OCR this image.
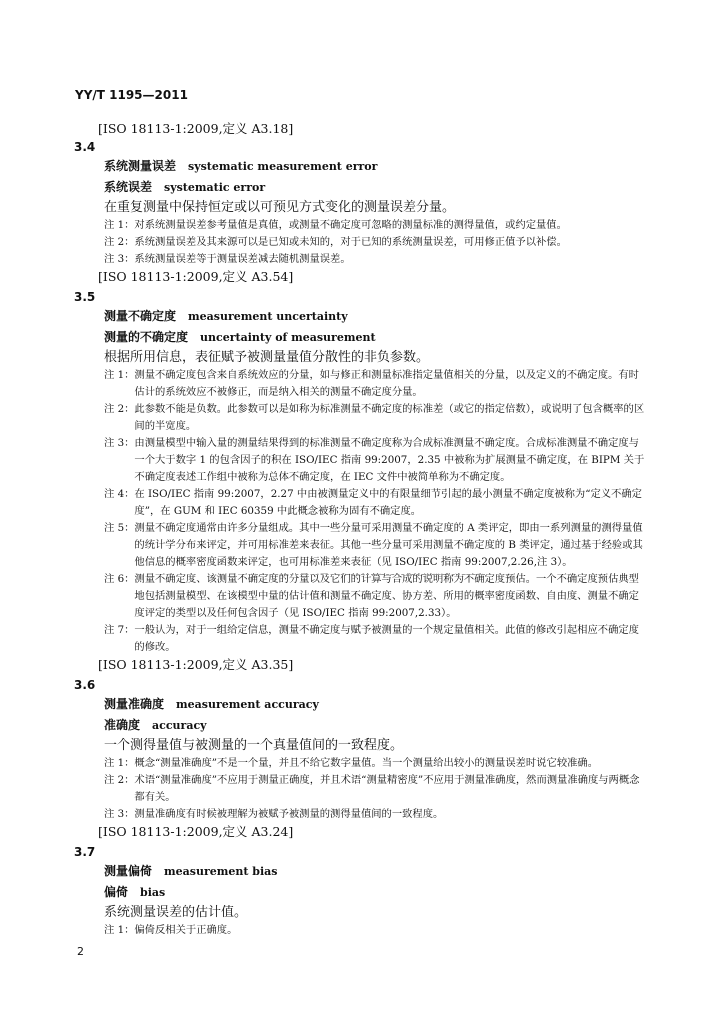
YY/T 1195—2011
[ISO 18113-1:2009,定义 A3.18]
3.4
系统测量误差 systematic measurement error
系统误差 systematic error
在重复测量中保持恒定或以可预见方式变化的测量误差分量。
注 1： 对系统测量误差参考量值是真值，或测量不确定度可忽略的测量标准的测得量值，或约定量值。
注 2： 系统测量误差及其来源可以是已知或未知的，对于已知的系统测量误差，可用修正值予以补偿。
注 3： 系统测量误差等于测量误差减去随机测量误差。
[ISO 18113-1:2009,定义 A3.54]
3.5
测量不确定度 measurement uncertainty
测量的不确定度 uncertainty of measurement
根据所用信息，表征赋予被测量量值分散性的非负参数。
注 1： 测量不确定度包含来自系统效应的分量，如与修正和测量标准指定量值相关的分量，以及定义的不确定度。有时估计的系统效应不被修正，而是纳入相关的测量不确定度分量。
注 2： 此参数不能是负数。此参数可以是如称为标准测量不确定度的标准差（或它的指定倍数），或说明了包含概率的区间的半宽度。
注 3： 由测量模型中输入量的测量结果得到的标准测量不确定度称为合成标准测量不确定度。合成标准测量不确定度与一个大于数字 1 的包含因子的积在 ISO/IEC 指南 99:2007，2.35 中被称为扩展测量不确定度，在 BIPM 关于不确定度表述工作组中被称为总体不确定度，在 IEC 文件中被简单称为不确定度。
注 4： 在 ISO/IEC 指南 99:2007，2.27 中由被测量定义中的有限量细节引起的最小测量不确定度被称为“定义不确定度”，在 GUM 和 IEC 60359 中此概念被称为固有不确定度。
注 5： 测量不确定度通常由许多分量组成。其中一些分量可采用测量不确定度的 A 类评定，即由一系列测量的测得量值的统计学分布来评定，并可用标准差来表征。其他一些分量可采用测量不确定度的 B 类评定，通过基于经验或其他信息的概率密度函数来评定，也可用标准差来表征（见 ISO/IEC 指南 99:2007,2.26,注 3）。
注 6： 测量不确定度、该测量不确定度的分量以及它们的计算与合成的说明称为不确定度预估。一个不确定度预估典型地包括测量模型、在该模型中量的估计值和测量不确定度、协方差、所用的概率密度函数、自由度、测量不确定度评定的类型以及任何包含因子（见 ISO/IEC 指南 99:2007,2.33）。
注 7： 一般认为，对于一组给定信息，测量不确定度与赋予被测量的一个规定量值相关。此值的修改引起相应不确定度的修改。
[ISO 18113-1:2009,定义 A3.35]
3.6
测量准确度 measurement accuracy
准确度 accuracy
一个测得量值与被测量的一个真量值间的一致程度。
注 1： 概念“测量准确度”不是一个量，并且不给它数字量值。当一个测量给出较小的测量误差时说它较准确。
注 2： 术语“测量准确度”不应用于测量正确度，并且术语“测量精密度”不应用于测量准确度，然而测量准确度与两概念都有关。
注 3： 测量准确度有时候被理解为被赋予被测量的测得量值间的一致程度。
[ISO 18113-1:2009,定义 A3.24]
3.7
测量偏倚 measurement bias
偏倚 bias
系统测量误差的估计值。
注 1： 偏倚反相关于正确度。
2
